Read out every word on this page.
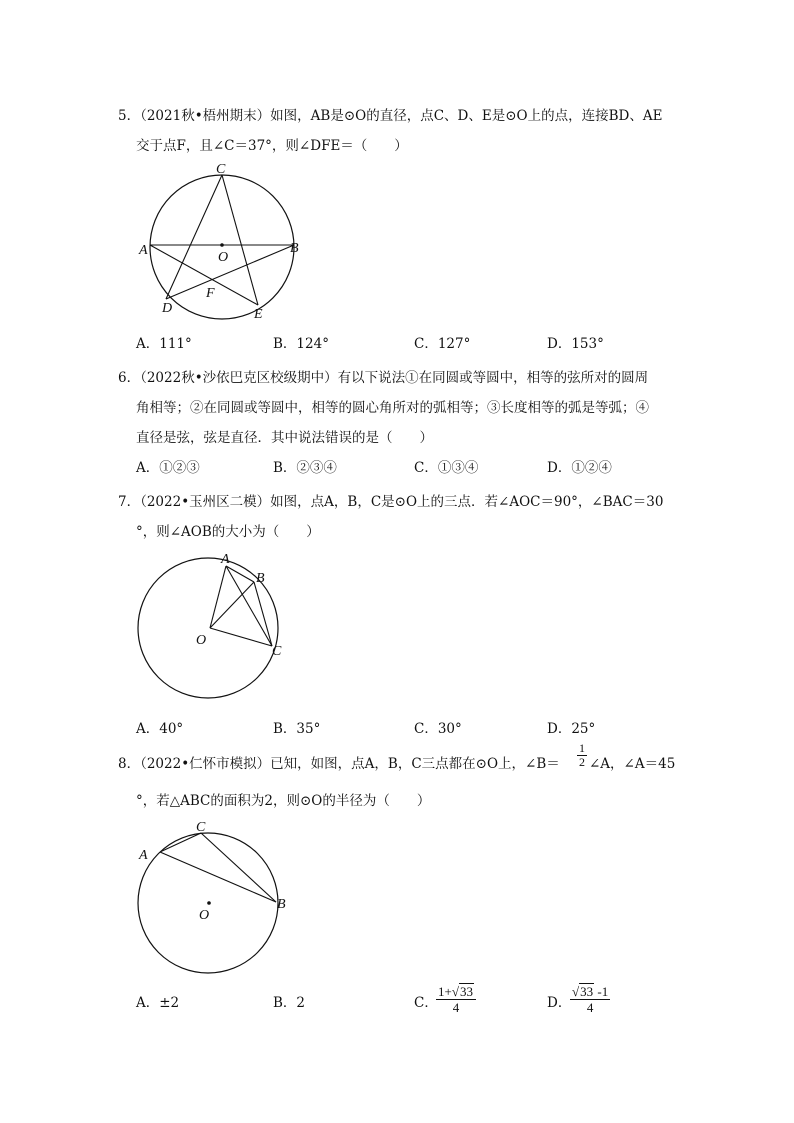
5．（2021秋•梧州期末）如图，AB是⊙O的直径，点C、D、E是⊙O上的点，连接BD、AE
交于点F，且∠C＝37°，则∠DFE＝（　　）
C
A	B
O
F
D	E
A．111°	B．124°	C．127°	D．153°
6．（2022秋•沙依巴克区校级期中）有以下说法①在同圆或等圆中，相等的弦所对的圆周
角相等；②在同圆或等圆中，相等的圆心角所对的弧相等；③长度相等的弧是等弧；④
直径是弦，弦是直径．其中说法错误的是（　　）
A．①②③	B．②③④	C．①③④	D．①②④
7．（2022•玉州区二模）如图，点A，B，C是⊙O上的三点．若∠AOC＝90°，∠BAC＝30
°，则∠AOB的大小为（　　）
A
B
C
O
A．40°	B．35°	C．30°	D．25°
8．（2022•仁怀市模拟）已知，如图，点A，B，C三点都在⊙O上，∠B＝ $\frac{1}{2}$ ∠A，∠A＝45
°，若△ABC的面积为2，则⊙O的半径为（　　）
C
A
B
O
A．±2	B．2	C．
$\frac{1+√33}{4}$	D．
$\frac{√33 -1}{4}$
